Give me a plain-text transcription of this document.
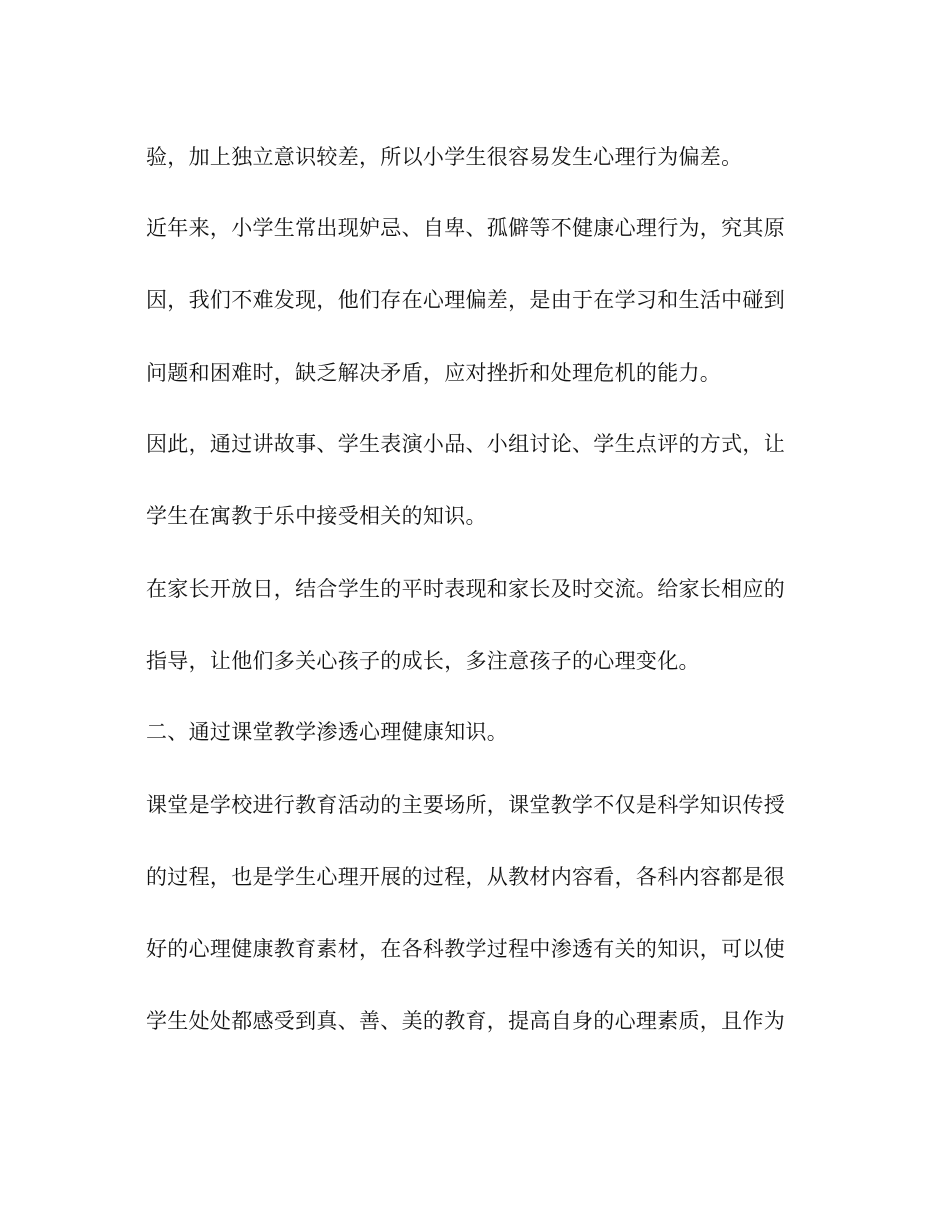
验，加上独立意识较差，所以小学生很容易发生心理行为偏差。

近年来，小学生常出现妒忌、自卑、孤僻等不健康心理行为，究其原

因，我们不难发现，他们存在心理偏差，是由于在学习和生活中碰到

问题和困难时，缺乏解决矛盾，应对挫折和处理危机的能力。

因此，通过讲故事、学生表演小品、小组讨论、学生点评的方式，让

学生在寓教于乐中接受相关的知识。

在家长开放日，结合学生的平时表现和家长及时交流。给家长相应的

指导，让他们多关心孩子的成长，多注意孩子的心理变化。

二、通过课堂教学渗透心理健康知识。

课堂是学校进行教育活动的主要场所，课堂教学不仅是科学知识传授

的过程，也是学生心理开展的过程，从教材内容看，各科内容都是很

好的心理健康教育素材，在各科教学过程中渗透有关的知识，可以使

学生处处都感受到真、善、美的教育，提高自身的心理素质，且作为
